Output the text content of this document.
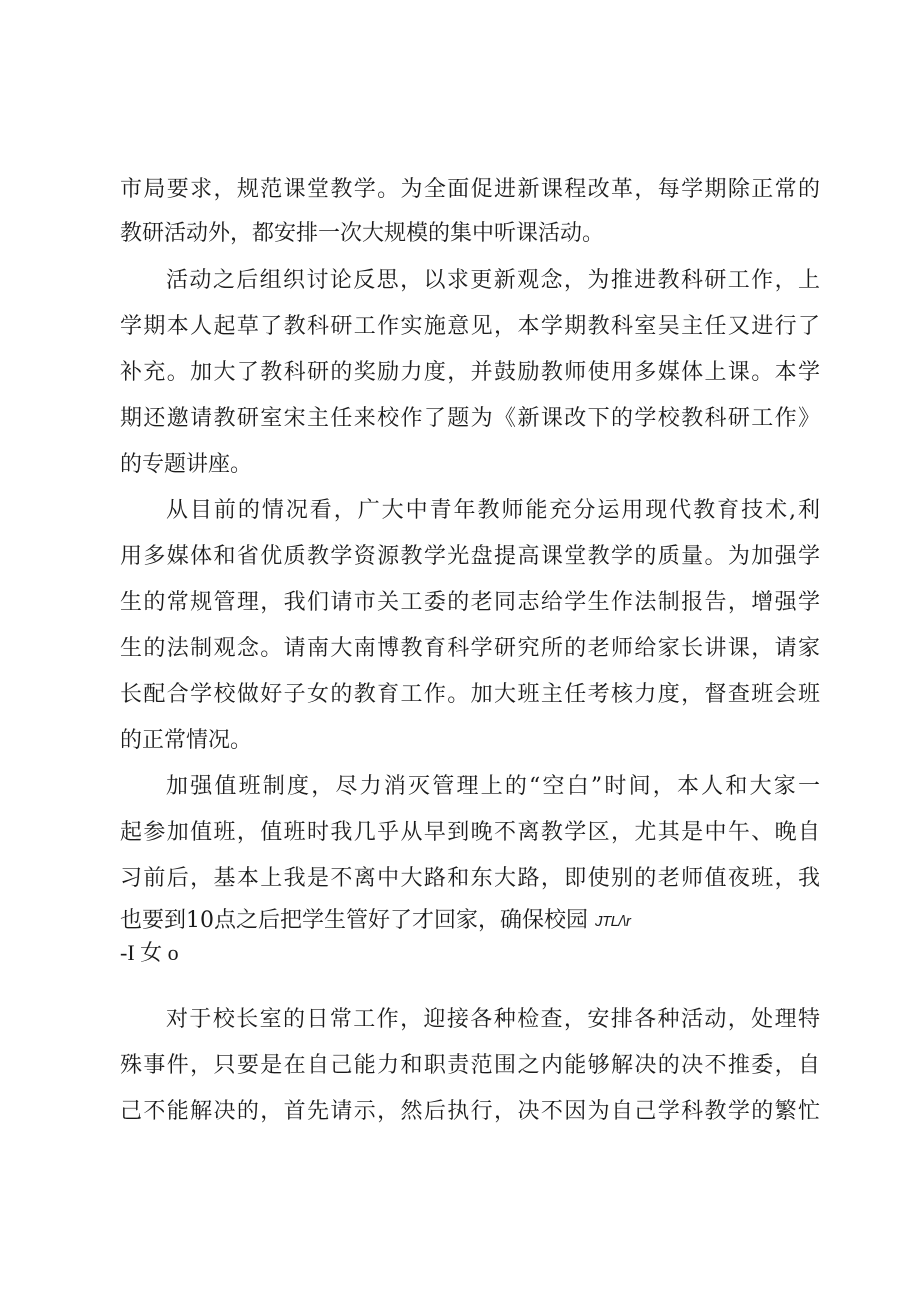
市局要求，规范课堂教学。为全面促进新课程改革，每学期除正常的
教研活动外，都安排一次大规模的集中听课活动。
活动之后组织讨论反思，以求更新观念，为推进教科研工作，上
学期本人起草了教科研工作实施意见，本学期教科室吴主任又进行了
补充。加大了教科研的奖励力度，并鼓励教师使用多媒体上课。本学
期还邀请教研室宋主任来校作了题为《新课改下的学校教科研工作》
的专题讲座。
从目前的情况看，广大中青年教师能充分运用现代教育技术,利
用多媒体和省优质教学资源教学光盘提高课堂教学的质量。为加强学
生的常规管理，我们请市关工委的老同志给学生作法制报告，增强学
生的法制观念。请南大南博教育科学研究所的老师给家长讲课，请家
长配合学校做好子女的教育工作。加大班主任考核力度，督查班会班
的正常情况。
加强值班制度，尽力消灭管理上的“空白”时间，本人和大家一
起参加值班，值班时我几乎从早到晚不离教学区，尤其是中午、晚自
习前后，基本上我是不离中大路和东大路，即使别的老师值夜班，我
也要到10点之后把学生管好了才回家，确保校园 JTL/\r
-I 女 o
对于校长室的日常工作，迎接各种检查，安排各种活动，处理特
殊事件，只要是在自己能力和职责范围之内能够解决的决不推委，自
己不能解决的，首先请示，然后执行，决不因为自己学科教学的繁忙
